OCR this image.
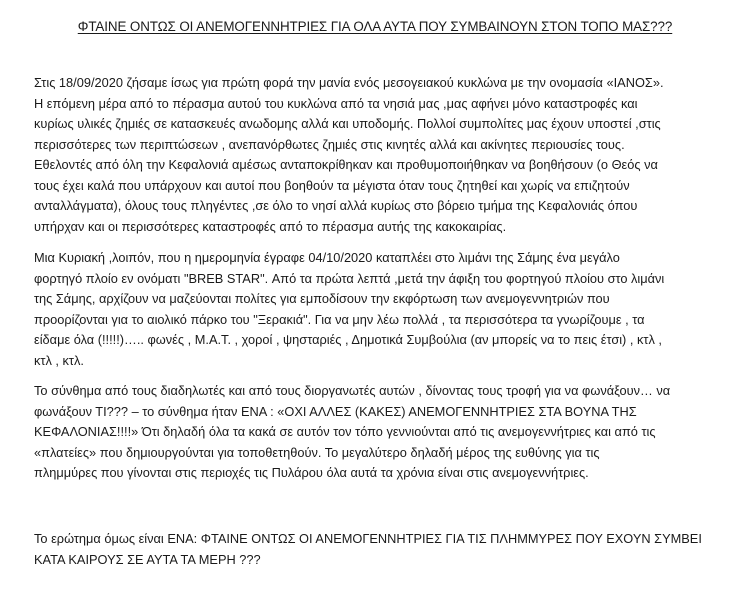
ΦΤΑΙΝΕ ΟΝΤΩΣ ΟΙ ΑΝΕΜΟΓΕΝΝΗΤΡΙΕΣ ΓΙΑ ΟΛΑ ΑΥΤΑ ΠΟΥ ΣΥΜΒΑΙΝΟΥΝ ΣΤΟΝ ΤΟΠΟ ΜΑΣ???

Στις 18/09/2020 ζήσαμε ίσως για πρώτη φορά την μανία ενός μεσογειακού κυκλώνα με την ονομασία «ΙΑΝΟΣ».
Η επόμενη μέρα από το πέρασμα αυτού του κυκλώνα από τα νησιά μας ,μας αφήνει μόνο καταστροφές και
κυρίως υλικές ζημιές σε κατασκευές ανωδομης αλλά και υποδομής. Πολλοί συμπολίτες μας έχουν υποστεί ,στις
περισσότερες των περιπτώσεων , ανεπανόρθωτες ζημιές στις κινητές αλλά και ακίνητες περιουσίες τους.
Εθελοντές από όλη την Κεφαλονιά αμέσως ανταποκρίθηκαν και προθυμοποιήθηκαν να βοηθήσουν (ο Θεός να
τους έχει καλά που υπάρχουν και αυτοί που βοηθούν τα μέγιστα όταν τους ζητηθεί και χωρίς να επιζητούν
ανταλλάγματα), όλους τους πληγέντες ,σε όλο το νησί αλλά κυρίως στο βόρειο τμήμα της Κεφαλονιάς όπου
υπήρχαν και οι περισσότερες καταστροφές από το πέρασμα αυτής της κακοκαιρίας.

Μια Κυριακή ,λοιπόν, που η ημερομηνία έγραφε 04/10/2020 καταπλέει στο λιμάνι της Σάμης ένα μεγάλο
φορτηγό πλοίο εν ονόματι "BREB STAR". Από τα πρώτα λεπτά ,μετά την άφιξη του φορτηγού πλοίου στο λιμάνι
της Σάμης, αρχίζουν να μαζεύονται πολίτες για εμποδίσουν την εκφόρτωση των ανεμογεννητριών που
προορίζονται για το αιολικό πάρκο του "Ξερακιά". Για να μην λέω πολλά , τα περισσότερα τα γνωρίζουμε , τα
είδαμε όλα (!!!!!)….. φωνές , Μ.Α.Τ. , χοροί , ψησταριές , Δημοτικά Συμβούλια (αν μπορείς να το πεις έτσι) , κτλ ,
κτλ , κτλ.

Το σύνθημα από τους διαδηλωτές και από τους διοργανωτές αυτών , δίνοντας τους τροφή για να φωνάξουν… να
φωνάξουν ΤΙ??? – το σύνθημα ήταν ΕΝΑ : «ΟΧΙ ΑΛΛΕΣ (ΚΑΚΕΣ) ΑΝΕΜΟΓΕΝΝΗΤΡΙΕΣ ΣΤΑ ΒΟΥΝΑ ΤΗΣ
ΚΕΦΑΛΟΝΙΑΣ!!!!» Ότι δηλαδή όλα τα κακά σε αυτόν τον τόπο γεννιούνται από τις ανεμογεννήτριες και από τις
«πλατείες» που δημιουργούνται για τοποθετηθούν. Το μεγαλύτερο δηλαδή μέρος της ευθύνης για τις
πλημμύρες που γίνονται στις περιοχές τις Πυλάρου όλα αυτά τα χρόνια είναι στις ανεμογεννήτριες.

Το ερώτημα όμως είναι ΕΝΑ: ΦΤΑΙΝΕ ΟΝΤΩΣ ΟΙ ΑΝΕΜΟΓΕΝΝΗΤΡΙΕΣ ΓΙΑ ΤΙΣ ΠΛΗΜΜΥΡΕΣ ΠΟΥ ΕΧΟΥΝ ΣΥΜΒΕΙ
ΚΑΤΑ ΚΑΙΡΟΥΣ ΣΕ ΑΥΤΑ ΤΑ ΜΕΡΗ ???
